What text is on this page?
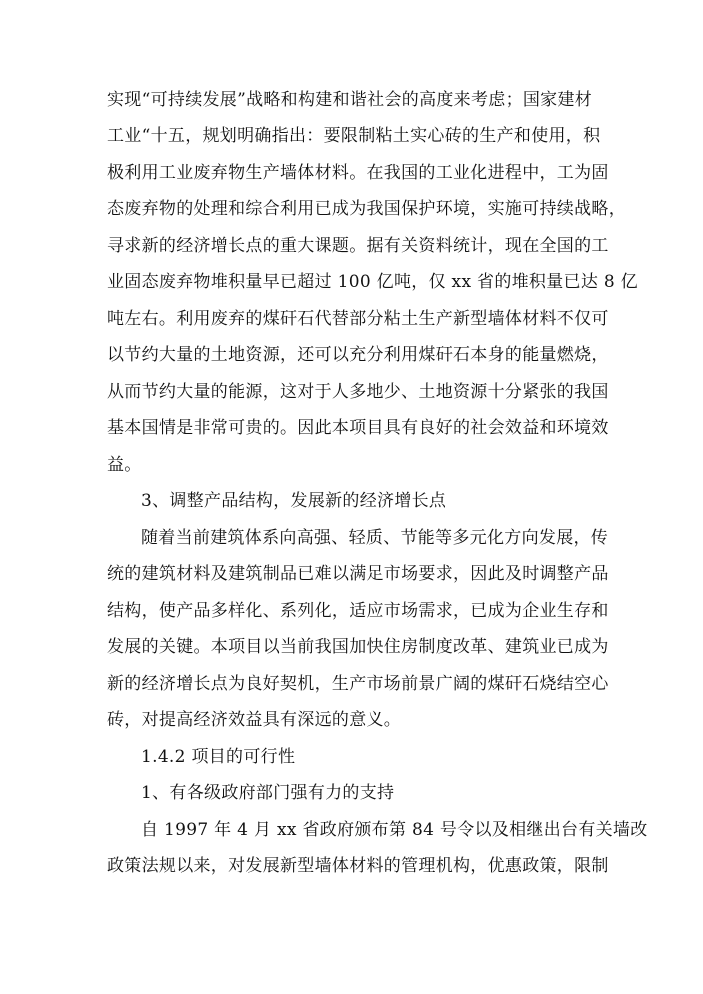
实现“可持续发展”战略和构建和谐社会的高度来考虑；国家建材
工业“十五，规划明确指出：要限制粘土实心砖的生产和使用，积
极利用工业废弃物生产墙体材料。在我国的工业化进程中，工为固
态废弃物的处理和综合利用已成为我国保护环境，实施可持续战略，
寻求新的经济增长点的重大课题。据有关资料统计，现在全国的工
业固态废弃物堆积量早已超过 100 亿吨，仅 xx 省的堆积量已达 8 亿
吨左右。利用废弃的煤矸石代替部分粘土生产新型墙体材料不仅可
以节约大量的土地资源，还可以充分利用煤矸石本身的能量燃烧，
从而节约大量的能源，这对于人多地少、土地资源十分紧张的我国
基本国情是非常可贵的。因此本项目具有良好的社会效益和环境效
益。
3、调整产品结构，发展新的经济增长点
随着当前建筑体系向高强、轻质、节能等多元化方向发展，传
统的建筑材料及建筑制品已难以满足市场要求，因此及时调整产品
结构，使产品多样化、系列化，适应市场需求，已成为企业生存和
发展的关键。本项目以当前我国加快住房制度改革、建筑业已成为
新的经济增长点为良好契机，生产市场前景广阔的煤矸石烧结空心
砖，对提高经济效益具有深远的意义。
1.4.2 项目的可行性
1、有各级政府部门强有力的支持
自 1997 年 4 月 xx 省政府颁布第 84 号令以及相继出台有关墙改
政策法规以来，对发展新型墙体材料的管理机构，优惠政策，限制
